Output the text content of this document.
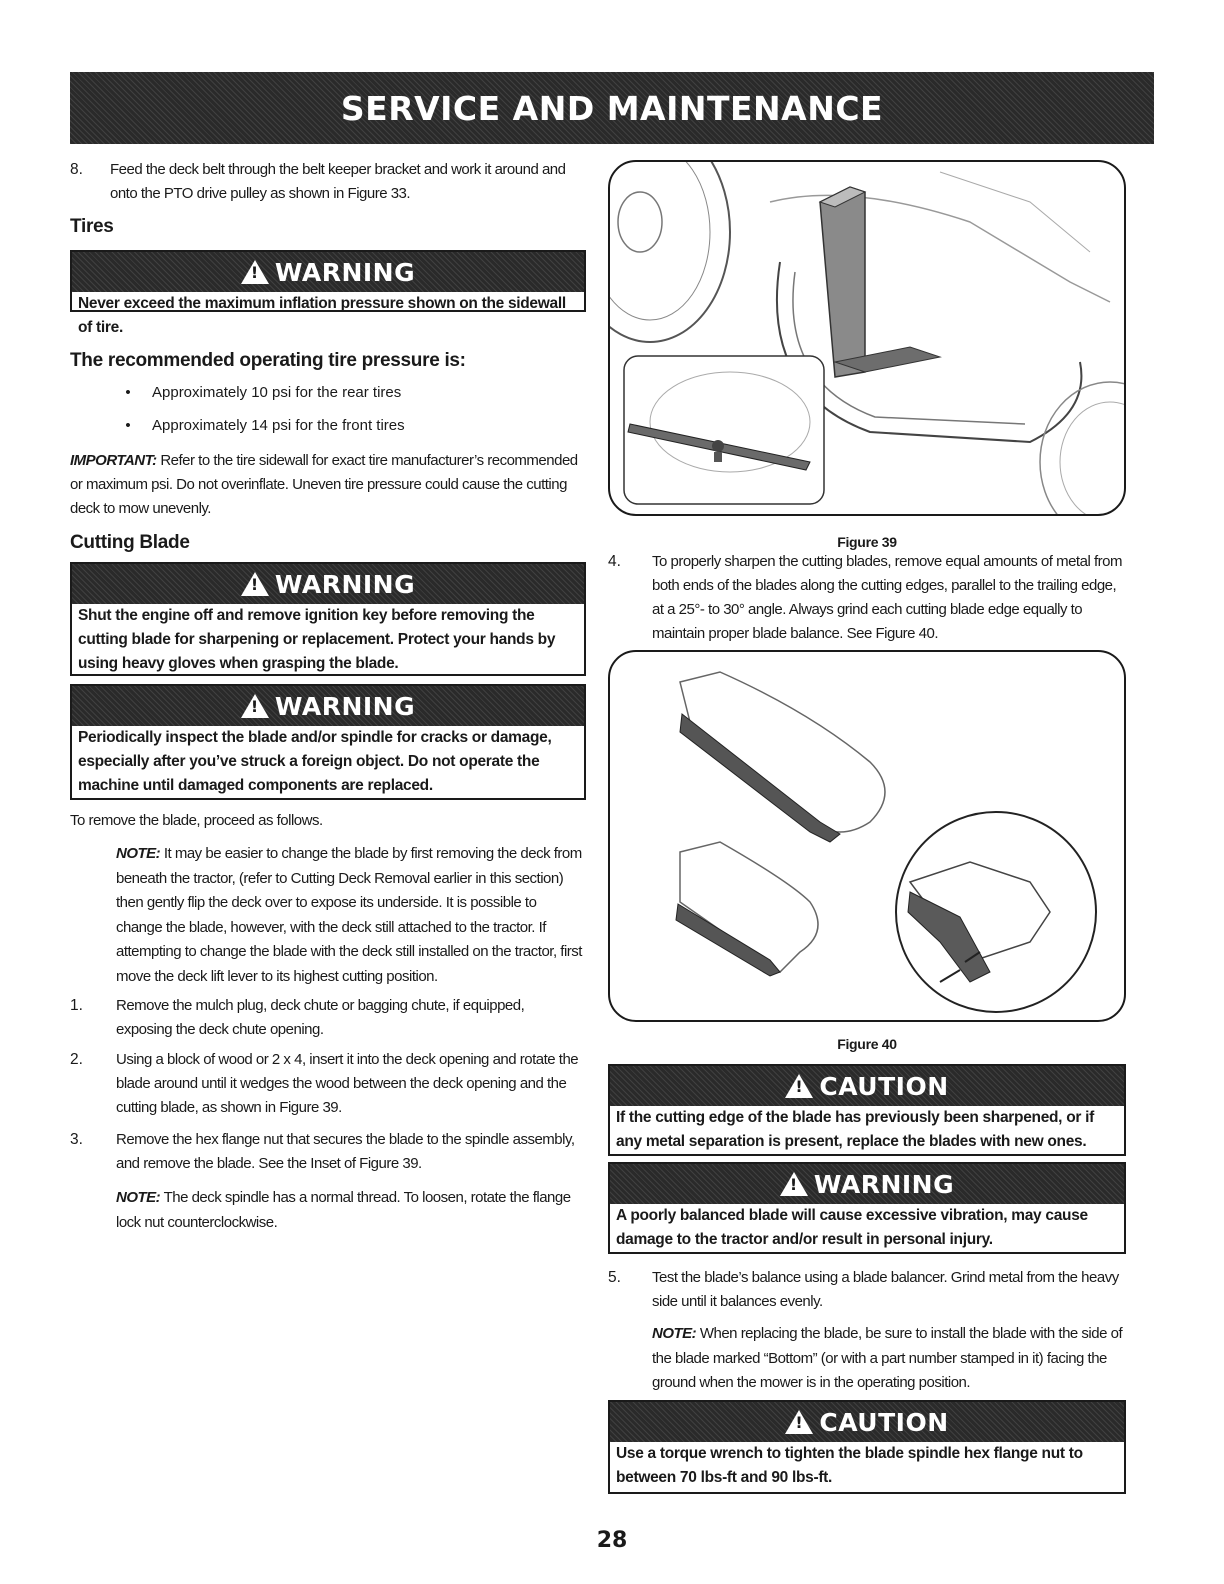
SERVICE AND MAINTENANCE
8.	Feed the deck belt through the belt keeper bracket and work it around and onto the PTO drive pulley as shown in Figure 33.
Tires
!
WARNING
Never exceed the maximum inflation pressure shown on the sidewall of tire.
The recommended operating tire pressure is:
•	Approximately 10 psi for the rear tires
•	Approximately 14 psi for the front tires
IMPORTANT: Refer to the tire sidewall for exact tire manufacturer’s recommended or maximum psi. Do not overinflate. Uneven tire pressure could cause the cutting deck to mow unevenly.
Cutting Blade
!
WARNING
Shut the engine off and remove ignition key before removing the cutting blade for sharpening or replacement. Protect your hands by using heavy gloves when grasping the blade.
!
WARNING
Periodically inspect the blade and/or spindle for cracks or damage, especially after you’ve struck a foreign object. Do not operate the machine until damaged components are replaced.
To remove the blade, proceed as follows.
NOTE: It may be easier to change the blade by first removing the deck from beneath the tractor, (refer to Cutting Deck Removal earlier in this section) then gently flip the deck over to expose its underside. It is possible to change the blade, however, with the deck still attached to the tractor. If attempting to change the blade with the deck still installed on the tractor, first move the deck lift lever to its highest cutting position.
1.	Remove the mulch plug, deck chute or bagging chute, if equipped, exposing the deck chute opening.
2.	Using a block of wood or 2 x 4, insert it into the deck opening and rotate the blade around until it wedges the wood between the deck opening and the cutting blade, as shown in Figure 39.
3.	Remove the hex flange nut that secures the blade to the spindle assembly, and remove the blade. See the Inset of Figure 39.
NOTE: The deck spindle has a normal thread. To loosen, rotate the flange lock nut counterclockwise.
Figure 39
4.	To properly sharpen the cutting blades, remove equal amounts of metal from both ends of the blades along the cutting edges, parallel to the trailing edge, at a 25°- to 30° angle. Always grind each cutting blade edge equally to maintain proper blade balance. See Figure 40.
Figure 40
!
CAUTION
If the cutting edge of the blade has previously been sharpened, or if any metal separation is present, replace the blades with new ones.
!
WARNING
A poorly balanced blade will cause excessive vibration, may cause damage to the tractor and/or result in personal injury.
5.	Test the blade’s balance using a blade balancer. Grind metal from the heavy side until it balances evenly.
NOTE: When replacing the blade, be sure to install the blade with the side of the blade marked “Bottom” (or with a part number stamped in it) facing the ground when the mower is in the operating position.
!
CAUTION
Use a torque wrench to tighten the blade spindle hex flange nut to between 70 lbs-ft and 90 lbs-ft.
28
